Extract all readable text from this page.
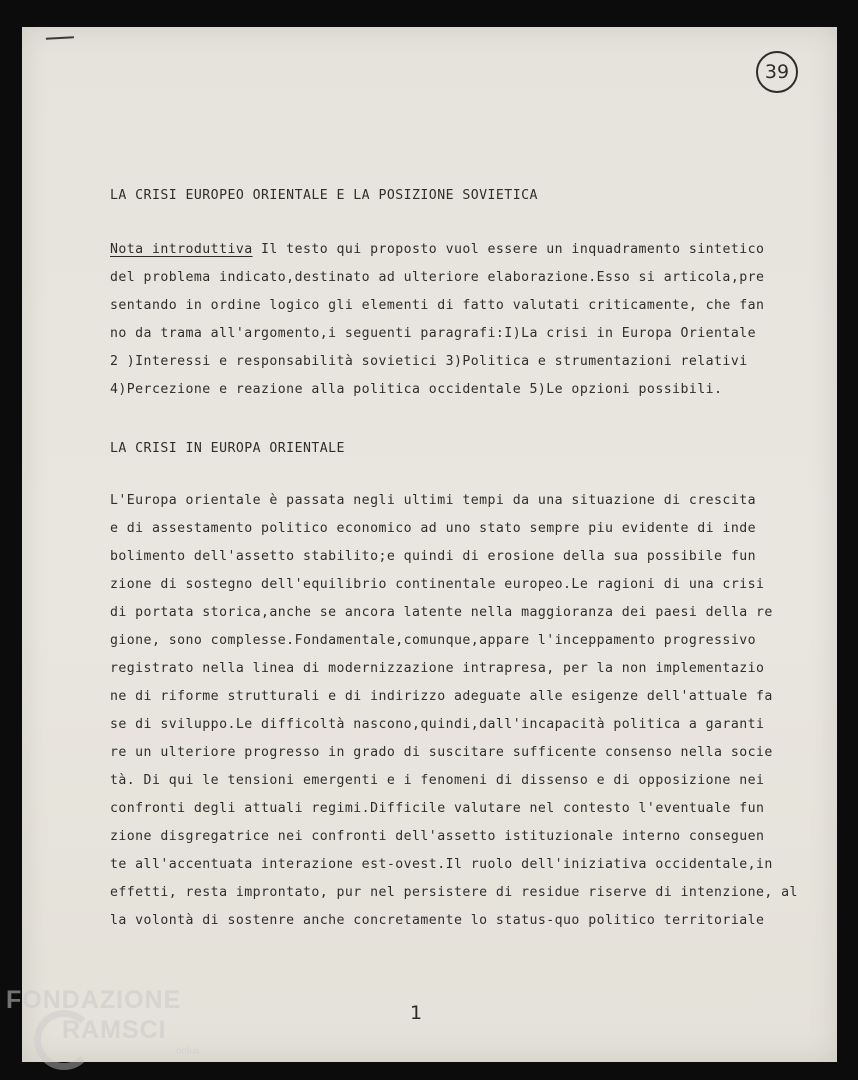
39
LA CRISI EUROPEO ORIENTALE E LA POSIZIONE SOVIETICA
Nota introduttiva Il testo qui proposto vuol essere un inquadramento sintetico
del problema indicato,destinato ad ulteriore elaborazione.Esso si articola,pre
sentando in ordine logico gli elementi di fatto valutati criticamente, che fan
no da trama all'argomento,i seguenti paragrafi:I)La crisi in Europa Orientale
2 )Interessi e responsabilità sovietici 3)Politica e strumentazioni relativi
4)Percezione e reazione alla politica occidentale 5)Le opzioni possibili.
LA CRISI IN EUROPA ORIENTALE
L'Europa orientale è passata negli ultimi tempi da una situazione di crescita
e di assestamento politico economico ad uno stato sempre piu evidente di inde
bolimento dell'assetto stabilito;e quindi di erosione della sua possibile fun
zione di sostegno dell'equilibrio continentale europeo.Le ragioni di una crisi
di portata storica,anche se ancora latente nella maggioranza dei paesi della re
gione, sono complesse.Fondamentale,comunque,appare l'inceppamento progressivo
registrato nella linea di modernizzazione intrapresa, per la non implementazio
ne di riforme strutturali e di indirizzo adeguate alle esigenze dell'attuale fa
se di sviluppo.Le difficoltà nascono,quindi,dall'incapacità politica a garanti
re un ulteriore progresso in grado di suscitare sufficente consenso nella socie
tà. Di qui le tensioni emergenti e i fenomeni di dissenso e di opposizione nei
confronti degli attuali regimi.Difficile valutare nel contesto l'eventuale fun
zione disgregatrice nei confronti dell'assetto istituzionale interno conseguen
te all'accentuata interazione est-ovest.Il ruolo dell'iniziativa occidentale,in
effetti, resta improntato, pur nel persistere di residue riserve di intenzione, al
la volontà di sostenre anche concretamente lo status-quo politico territoriale
1
FONDAZIONE
RAMSCI
onlus
